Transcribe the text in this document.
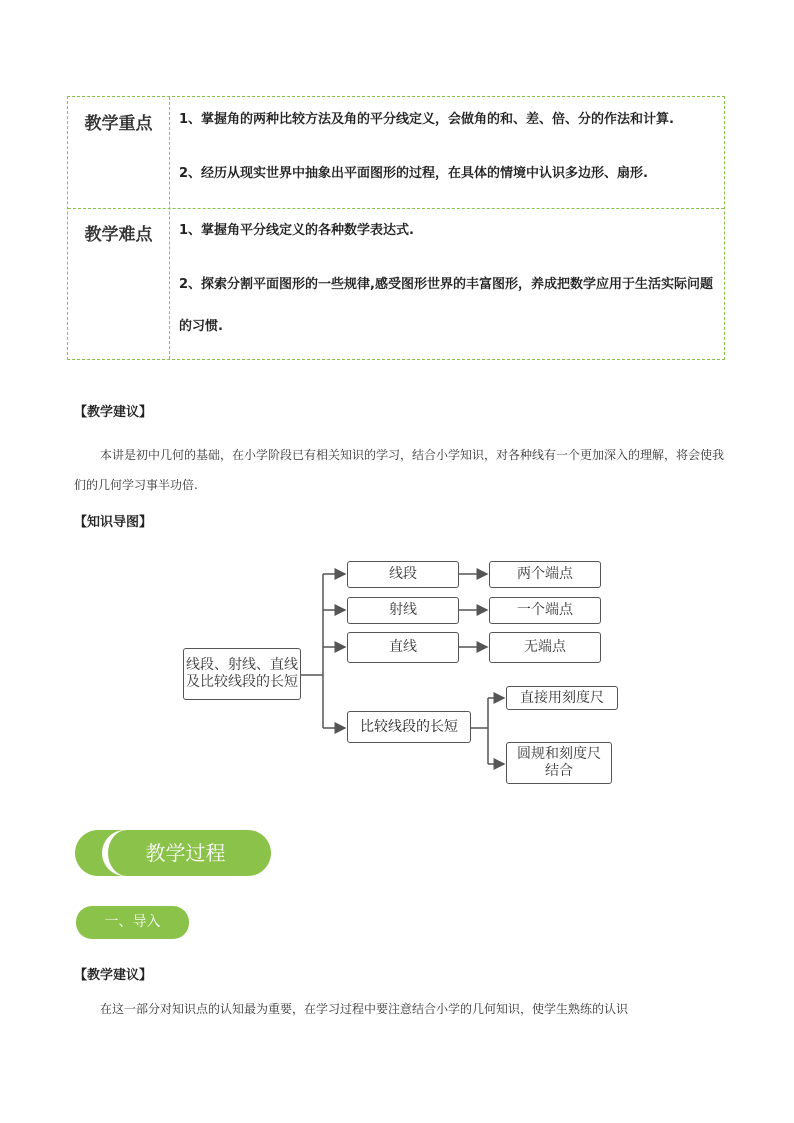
教学重点	1、掌握角的两种比较方法及角的平分线定义，会做角的和、差、倍、分的作法和计算.
2、经历从现实世界中抽象出平面图形的过程，在具体的情境中认识多边形、扇形.
教学难点	1、掌握角平分线定义的各种数学表达式.
2、探索分割平面图形的一些规律,感受图形世界的丰富图形，养成把数学应用于生活实际问题的习惯.
【教学建议】
本讲是初中几何的基础，在小学阶段已有相关知识的学习，结合小学知识，对各种线有一个更加深入的理解，将会使我们的几何学习事半功倍.
【知识导图】
线段、射线、直线及比较线段的长短
线段
射线
直线
比较线段的长短
两个端点
一个端点
无端点
直接用刻度尺
圆规和刻度尺结合
教学过程
一、导入
【教学建议】
在这一部分对知识点的认知最为重要，在学习过程中要注意结合小学的几何知识，使学生熟练的认识
